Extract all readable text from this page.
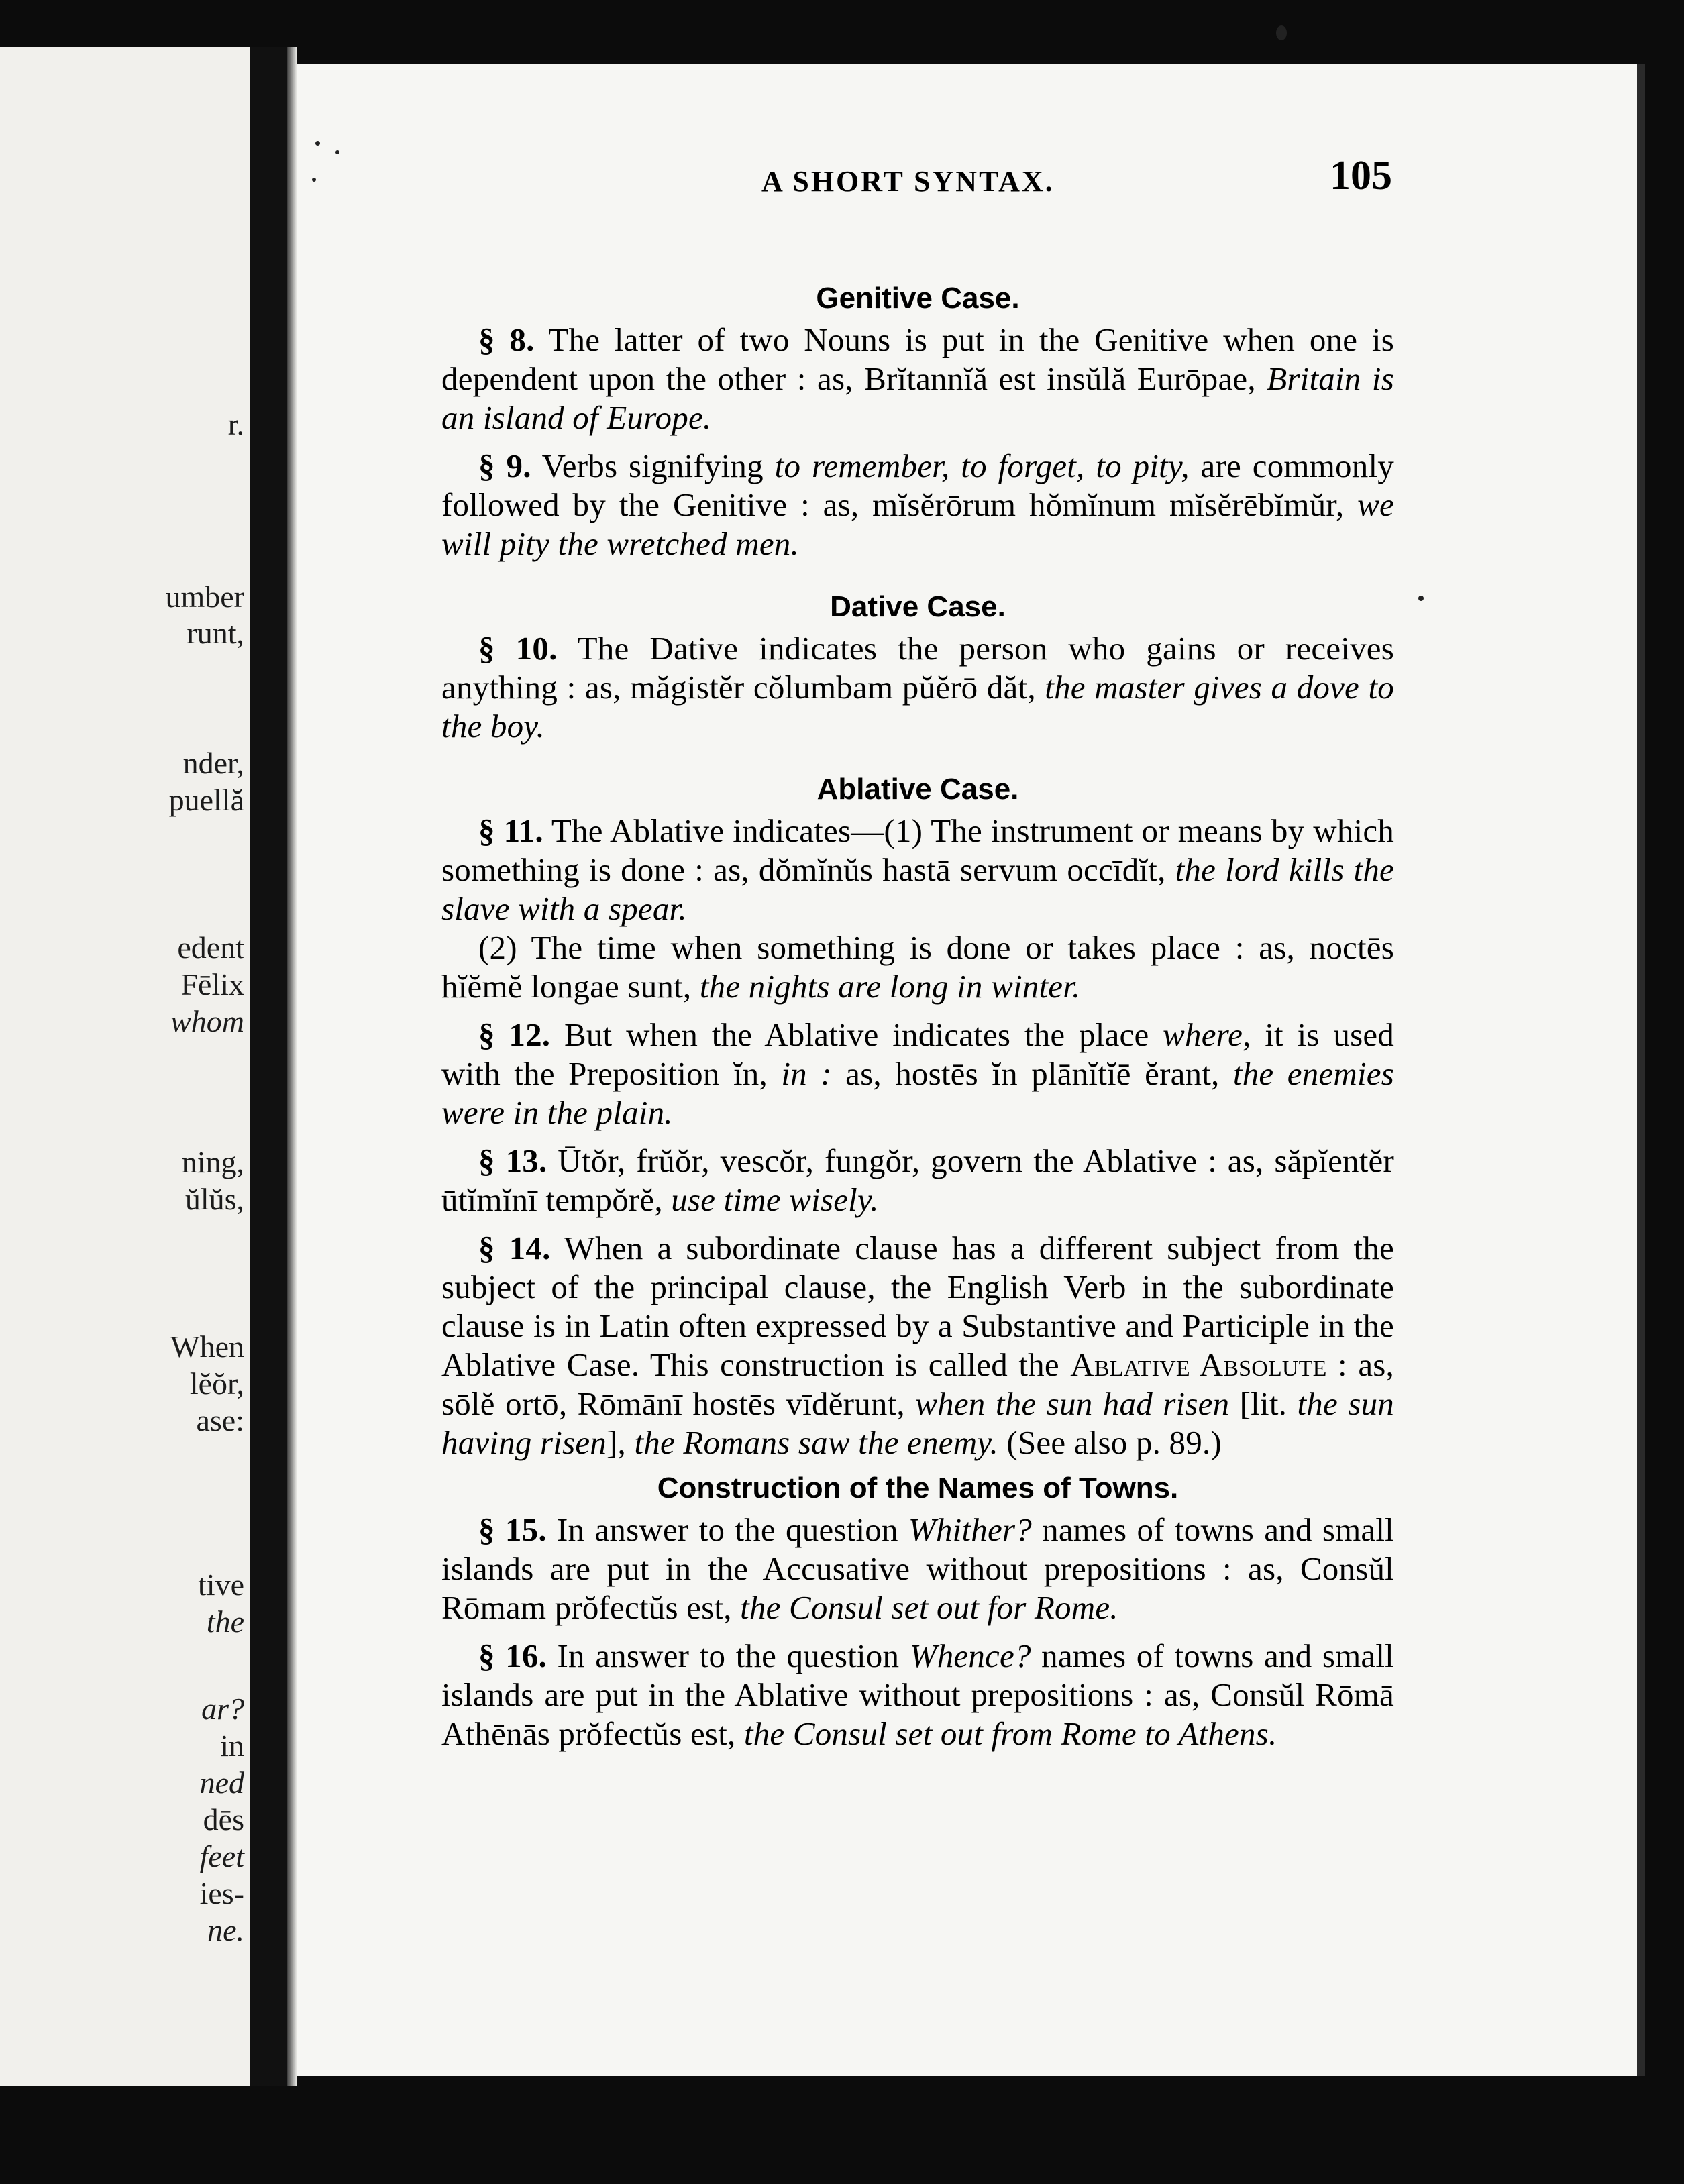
r.
umber
runt,
nder,
puellă
edent
Fēlix
whom
ning,
ŭlŭs,
When
lĕŏr,
ase:
tive
the
ar?
in
ned
dēs
feet
ies-
ne.
A SHORT SYNTAX.	105
Genitive Case.

§ 8. The latter of two Nouns is put in the Genitive when one is dependent upon the other : as, Brĭtannĭă est insŭlă Eurōpae, Britain is an island of Europe.

§ 9. Verbs signifying to remember, to forget, to pity, are commonly followed by the Genitive : as, mĭsĕrōrum hŏmĭnum mĭsĕrēbĭmŭr, we will pity the wretched men.

Dative Case.

§ 10. The Dative indicates the person who gains or receives anything : as, măgistĕr cŏlumbam pŭĕrō dăt, the master gives a dove to the boy.

Ablative Case.

§ 11. The Ablative indicates—(1) The instrument or means by which something is done : as, dŏmĭnŭs hastā servum occīdĭt, the lord kills the slave with a spear.

(2) The time when something is done or takes place : as, noctēs hĭĕmĕ longae sunt, the nights are long in winter.

§ 12. But when the Ablative indicates the place where, it is used with the Preposition ĭn, in : as, hostēs ĭn plānĭtĭē ĕrant, the enemies were in the plain.

§ 13. Ūtŏr, frŭŏr, vescŏr, fungŏr, govern the Ablative : as, săpĭentĕr ūtĭmĭnī tempŏrĕ, use time wisely.

§ 14. When a subordinate clause has a different subject from the subject of the principal clause, the English Verb in the subordinate clause is in Latin often expressed by a Substantive and Participle in the Ablative Case. This construction is called the Ablative Absolute : as, sōlĕ ortō, Rōmānī hostēs vīdĕrunt, when the sun had risen [lit. the sun having risen], the Romans saw the enemy. (See also p. 89.)

Construction of the Names of Towns.

§ 15. In answer to the question Whither? names of towns and small islands are put in the Accusative without prepositions : as, Consŭl Rōmam prŏfectŭs est, the Consul set out for Rome.

§ 16. In answer to the question Whence? names of towns and small islands are put in the Ablative without prepositions : as, Consŭl Rōmā Athēnās prŏfectŭs est, the Consul set out from Rome to Athens.
